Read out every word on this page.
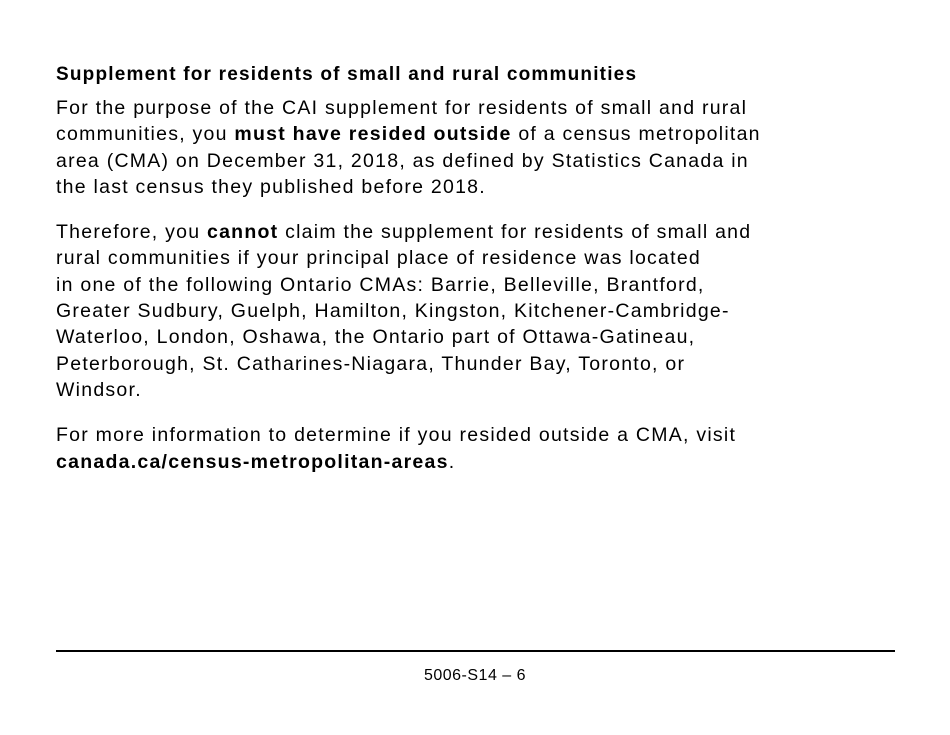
Supplement for residents of small and rural communities

For the purpose of the CAI supplement for residents of small and rural
communities, you must have resided outside of a census metropolitan
area (CMA) on December 31, 2018, as defined by Statistics Canada in
the last census they published before 2018.

Therefore, you cannot claim the supplement for residents of small and
rural communities if your principal place of residence was located
in one of the following Ontario CMAs: Barrie, Belleville, Brantford,
Greater Sudbury, Guelph, Hamilton, Kingston, Kitchener-Cambridge-
Waterloo, London, Oshawa, the Ontario part of Ottawa-Gatineau,
Peterborough, St. Catharines-Niagara, Thunder Bay, Toronto, or
Windsor.

For more information to determine if you resided outside a CMA, visit
canada.ca/census-metropolitan-areas.

5006-S14 – 6
